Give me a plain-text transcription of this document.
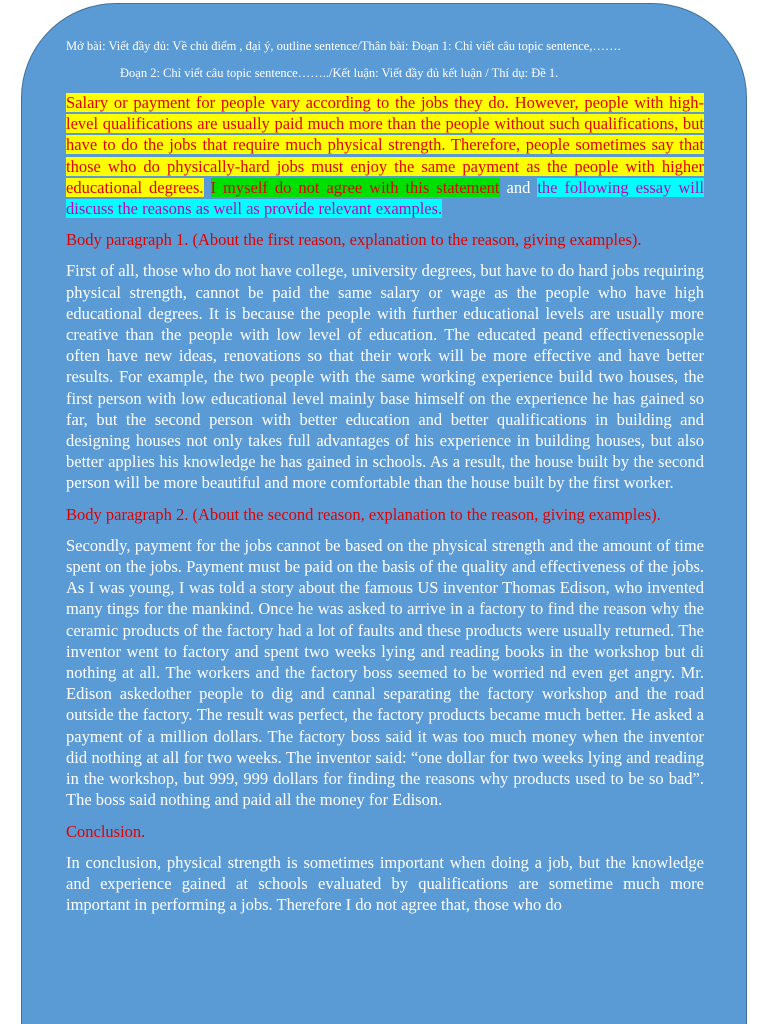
Mở bài: Viết đầy đủ: Về chủ điểm , đại ý, outline sentence/Thân bài: Đoạn 1: Chỉ viết câu topic sentence,…….

Đoạn 2: Chỉ viết câu topic sentence……../Kết luận: Viết đầy đủ kết luận / Thí dụ: Đề 1.

Salary or payment for people vary according to the jobs they do. However, people with high-level qualifications are usually paid much more than the people without such qualifications, but have to do the jobs that require much physical strength. Therefore, people sometimes say that those who do physically-hard jobs must enjoy the same payment as the people with higher educational degrees. I myself do not agree with this statement and the following essay will discuss the reasons as well as provide relevant examples.

Body paragraph 1. (About the first reason, explanation to the reason, giving examples).

First of all, those who do not have college, university degrees, but have to do hard jobs requiring physical strength, cannot be paid the same salary or wage as the people who have high educational degrees. It is because the people with further educational levels are usually more creative than the people with low level of education. The educated peand effectivenessople often have new ideas, renovations so that their work will be more effective and have better results. For example, the two people with the same working experience build two houses, the first person with low educational level mainly base himself on the experience he has gained so far, but the second person with better education and better qualifications in building and designing houses not only takes full advantages of his experience in building houses, but also better applies his knowledge he has gained in schools. As a result, the house built by the second person will be more beautiful and more comfortable than the house built by the first worker.

Body paragraph 2. (About the second reason, explanation to the reason, giving examples).

Secondly, payment for the jobs cannot be based on the physical strength and the amount of time spent on the jobs. Payment must be paid on the basis of the quality and effectiveness of the jobs. As I was young, I was told a story about the famous US inventor Thomas Edison, who invented many tings for the mankind. Once he was asked to arrive in a factory to find the reason why the ceramic products of the factory had a lot of faults and these products were usually returned. The inventor went to factory and spent two weeks lying and reading books in the workshop but di nothing at all. The workers and the factory boss seemed to be worried nd even get angry. Mr. Edison askedother people to dig and cannal separating the factory workshop and the road outside the factory. The result was perfect, the factory products became much better. He asked a payment of a million dollars. The factory boss said it was too much money when the inventor did nothing at all for two weeks. The inventor said: “one dollar for two weeks lying and reading in the workshop, but 999, 999 dollars for finding the reasons why products used to be so bad”. The boss said nothing and paid all the money for Edison.

Conclusion.

In conclusion, physical strength is sometimes important when doing a job, but the knowledge and experience gained at schools evaluated by qualifications are sometime much more important in performing a jobs. Therefore I do not agree that, those who do
